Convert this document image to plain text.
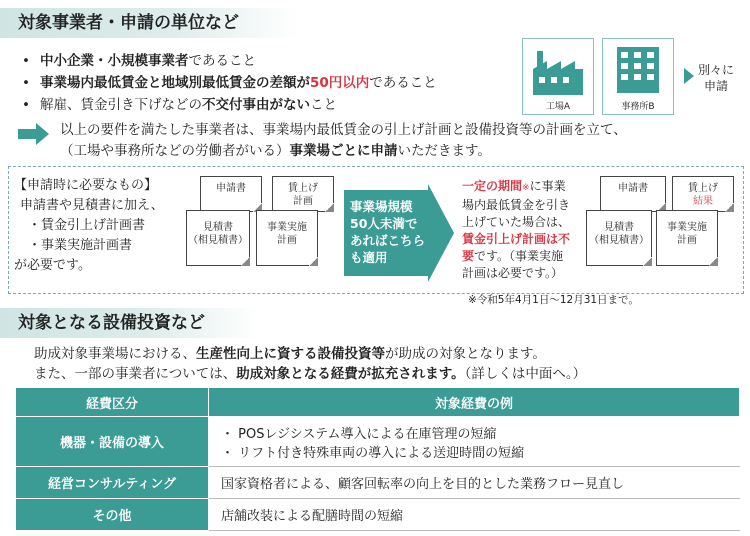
対象事業者・申請の単位など
• 中小企業・小規模事業者であること
• 事業場内最低賃金と地域別最低賃金の差額が50円以内であること
• 解雇、賃金引き下げなどの不交付事由がないこと	工場A	事務所B
別々に
申請
以上の要件を満たした事業者は、事業場内最低賃金の引上げ計画と設備投資等の計画を立て、
（工場や事務所などの労働者がいる）事業場ごとに申請いただきます。
【申請時に必要なもの】
申請書や見積書に加え、
・賃金引上げ計画書
・事業実施計画書
が必要です。
申請書	賃上げ
計画
見積書
（相見積書）
事業実施
計画
事業場規模
50人未満で
あればこちら
も適用
一定の期間※に事業
場内最低賃金を引き
上げていた場合は、
賃金引上げ計画は不
要です。（事業実施
計画は必要です。）
申請書	賃上げ
結果
見積書
（相見積書）
事業実施
計画
※令和5年4月1日～12月31日まで。
対象となる設備投資など
助成対象事業場における、生産性向上に資する設備投資等が助成の対象となります。
また、一部の事業者については、助成対象となる経費が拡充されます。（詳しくは中面へ。）
経費区分	対象経費の例
機器・設備の導入	・ POSレジシステム導入による在庫管理の短縮
・ リフト付き特殊車両の導入による送迎時間の短縮

経営コンサルティング	国家資格者による、顧客回転率の向上を目的とした業務フロー見直し
その他	店舗改装による配膳時間の短縮
